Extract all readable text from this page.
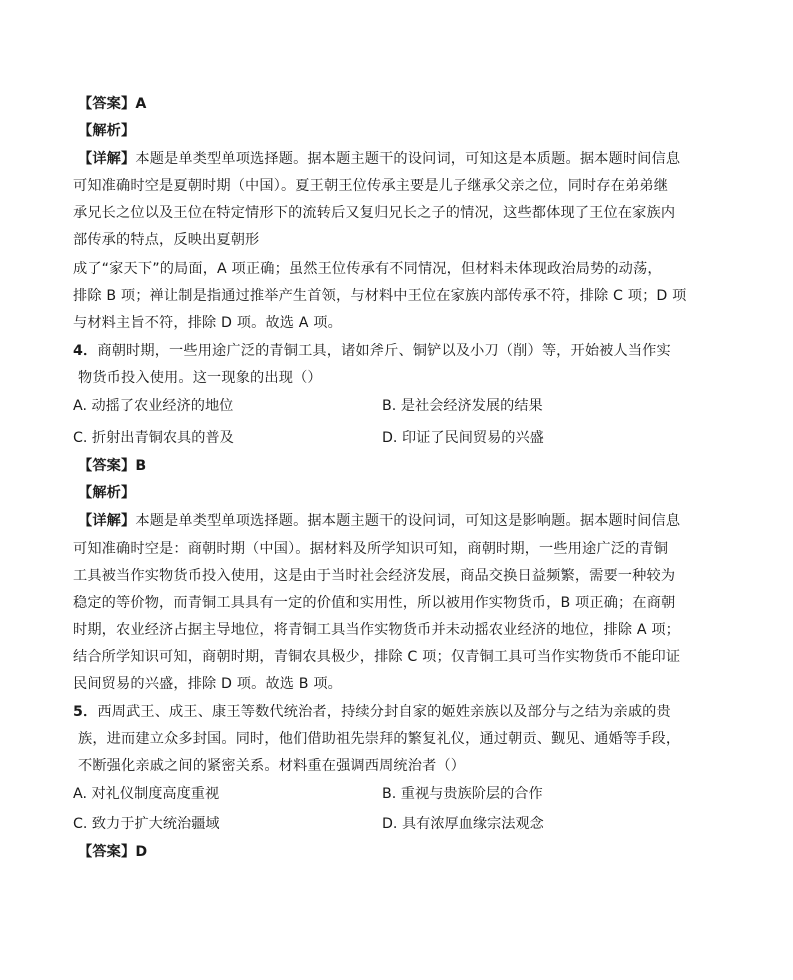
【答案】A
【解析】
【详解】本题是单类型单项选择题。据本题主题干的设问词，可知这是本质题。据本题时间信息
可知准确时空是夏朝时期（中国）。夏王朝王位传承主要是儿子继承父亲之位，同时存在弟弟继
承兄长之位以及王位在特定情形下的流转后又复归兄长之子的情况，这些都体现了王位在家族内
部传承的特点，反映出夏朝形
成了“家天下”的局面，A 项正确；虽然王位传承有不同情况，但材料未体现政治局势的动荡，
排除 B 项；禅让制是指通过推举产生首领，与材料中王位在家族内部传承不符，排除 C 项；D 项
与材料主旨不符，排除 D 项。故选 A 项。
4．商朝时期，一些用途广泛的青铜工具，诸如斧斤、铜铲以及小刀（削）等，开始被人当作实
物货币投入使用。这一现象的出现（）
A. 动摇了农业经济的地位	B. 是社会经济发展的结果
C. 折射出青铜农具的普及	D. 印证了民间贸易的兴盛
【答案】B
【解析】
【详解】本题是单类型单项选择题。据本题主题干的设问词，可知这是影响题。据本题时间信息
可知准确时空是：商朝时期（中国）。据材料及所学知识可知，商朝时期，一些用途广泛的青铜
工具被当作实物货币投入使用，这是由于当时社会经济发展，商品交换日益频繁，需要一种较为
稳定的等价物，而青铜工具具有一定的价值和实用性，所以被用作实物货币，B 项正确；在商朝
时期，农业经济占据主导地位，将青铜工具当作实物货币并未动摇农业经济的地位，排除 A 项；
结合所学知识可知，商朝时期，青铜农具极少，排除 C 项；仅青铜工具可当作实物货币不能印证
民间贸易的兴盛，排除 D 项。故选 B 项。
5．西周武王、成王、康王等数代统治者，持续分封自家的姬姓亲族以及部分与之结为亲戚的贵
族，进而建立众多封国。同时，他们借助祖先崇拜的繁复礼仪，通过朝贡、觐见、通婚等手段，
不断强化亲戚之间的紧密关系。材料重在强调西周统治者（）
A. 对礼仪制度高度重视	B. 重视与贵族阶层的合作
C. 致力于扩大统治疆域	D. 具有浓厚血缘宗法观念
【答案】D
